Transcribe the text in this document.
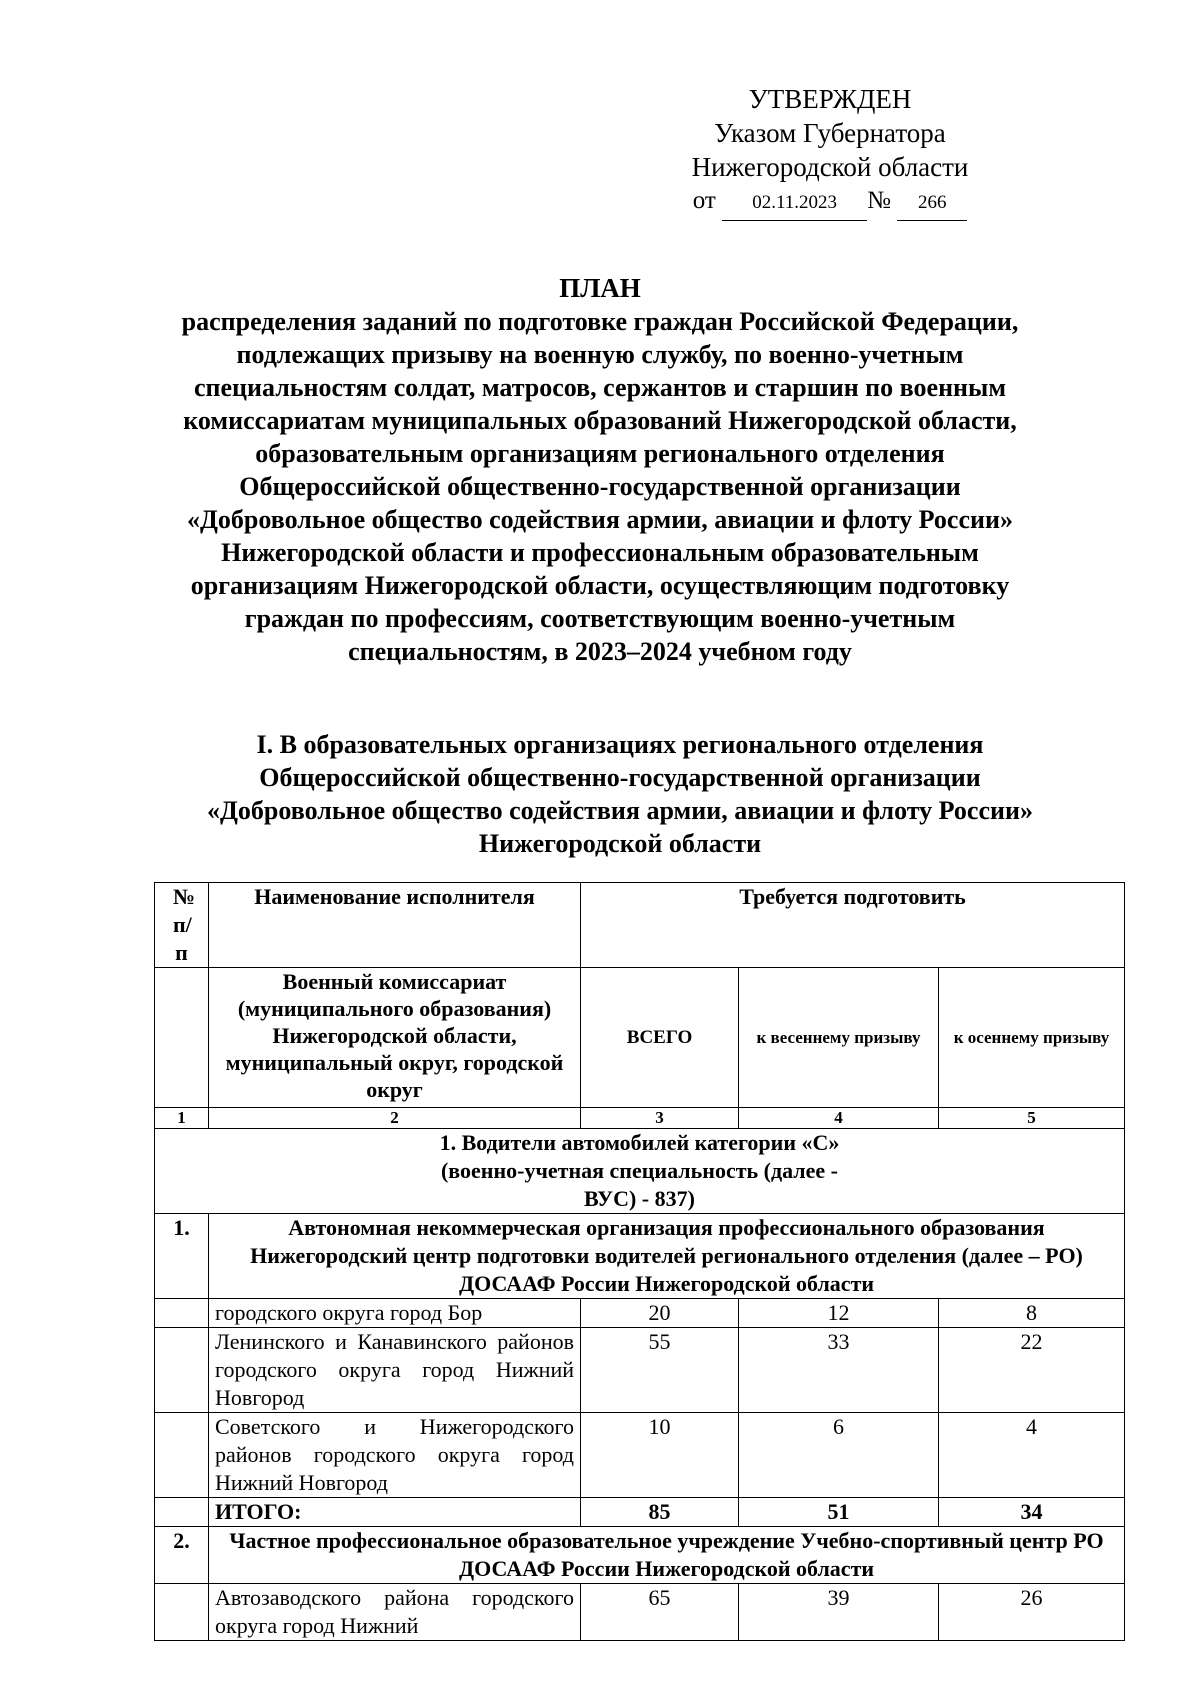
УТВЕРЖДЕН
Указом Губернатора
Нижегородской области
от 02.11.2023 № 266
ПЛАН
распределения заданий по подготовке граждан Российской Федерации,
подлежащих призыву на военную службу, по военно-учетным
специальностям солдат, матросов, сержантов и старшин по военным
комиссариатам муниципальных образований Нижегородской области,
образовательным организациям регионального отделения
Общероссийской общественно-государственной организации
«Добровольное общество содействия армии, авиации и флоту России»
Нижегородской области и профессиональным образовательным
организациям Нижегородской области, осуществляющим подготовку
граждан по профессиям, соответствующим военно-учетным
специальностям, в 2023–2024 учебном году
I. В образовательных организациях регионального отделения
Общероссийской общественно-государственной организации
«Добровольное общество содействия армии, авиации и флоту России»
Нижегородской области
№ п/ п	Наименование исполнителя	Требуется подготовить		
	Военный комиссариат (муниципального образования) Нижегородской области, муниципальный округ, городской округ	ВСЕГО	к весеннему призыву	к осеннему призыву
1	2	3	4	5
1. Водители автомобилей категории «С» (военно-учетная специальность (далее - ВУС) - 837)				
1.	Автономная некоммерческая организация профессионального образования Нижегородский центр подготовки водителей регионального отделения (далее – РО) ДОСААФ России Нижегородской области			
	городского округа город Бор	20	12	8
	Ленинского и Канавинского районов городского округа город Нижний Новгород	55	33	22
	Советского и Нижегородского районов городского округа город Нижний Новгород	10	6	4
	ИТОГО:	85	51	34
2.	Частное профессиональное образовательное учреждение Учебно-спортивный центр РО ДОСААФ России Нижегородской области			
	Автозаводского района городского округа город Нижний	65	39	26
